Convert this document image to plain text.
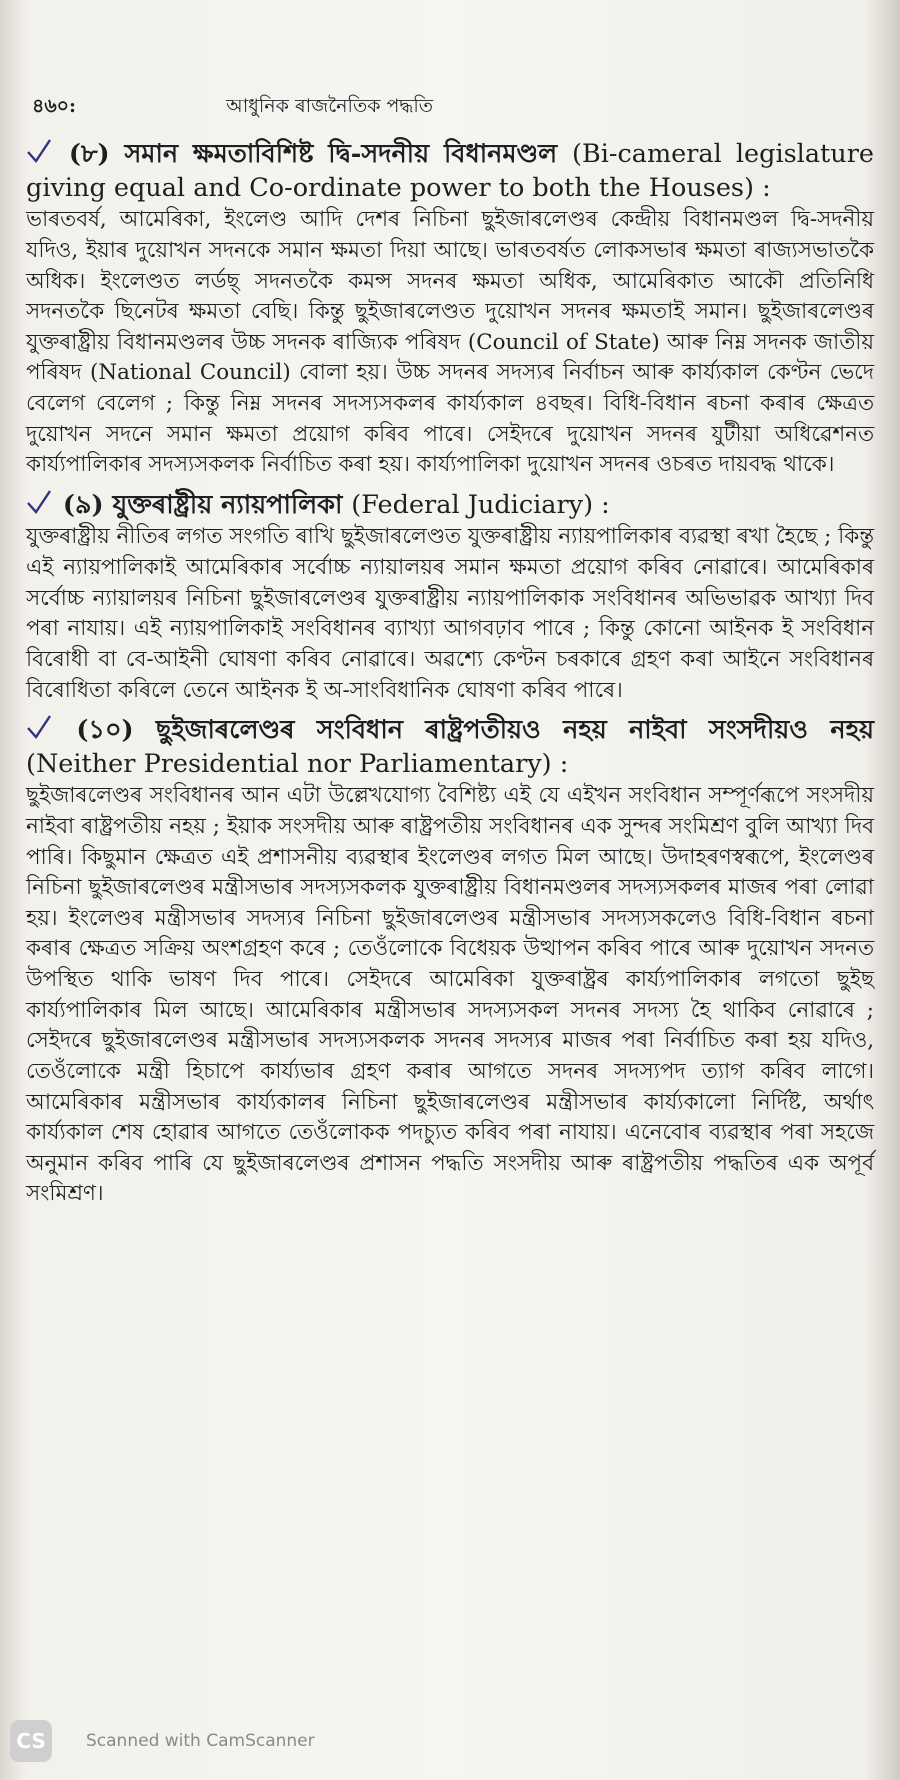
৪৬০:	আধুনিক ৰাজনৈতিক পদ্ধতি
(৮) সমান ক্ষমতাবিশিষ্ট দ্বি-সদনীয় বিধানমণ্ডল (Bi-cameral legislature giving equal and Co-ordinate power to both the Houses) :
ভাৰতবৰ্ষ, আমেৰিকা, ইংলেণ্ড আদি দেশৰ নিচিনা ছুইজাৰলেণ্ডৰ কেন্দ্ৰীয় বিধানমণ্ডল দ্বি-সদনীয় যদিও, ইয়াৰ দুয়োখন সদনকে সমান ক্ষমতা দিয়া আছে। ভাৰতবৰ্ষত লোকসভাৰ ক্ষমতা ৰাজ্যসভাতকৈ অধিক। ইংলেণ্ডত লৰ্ডছ্ সদনতকৈ কমন্স সদনৰ ক্ষমতা অধিক, আমেৰিকাত আকৌ প্ৰতিনিধি সদনতকৈ ছিনেটৰ ক্ষমতা বেছি। কিন্তু ছুইজাৰলেণ্ডত দুয়োখন সদনৰ ক্ষমতাই সমান। ছুইজাৰলেণ্ডৰ যুক্তৰাষ্ট্ৰীয় বিধানমণ্ডলৰ উচ্চ সদনক ৰাজ্যিক পৰিষদ (Council of State) আৰু নিম্ন সদনক জাতীয় পৰিষদ (National Council) বোলা হয়। উচ্চ সদনৰ সদস্যৰ নিৰ্বাচন আৰু কাৰ্য্যকাল কেণ্টন ভেদে বেলেগ বেলেগ ; কিন্তু নিম্ন সদনৰ সদস্যসকলৰ কাৰ্য্যকাল ৪বছৰ। বিধি-বিধান ৰচনা কৰাৰ ক্ষেত্ৰত দুয়োখন সদনে সমান ক্ষমতা প্ৰয়োগ কৰিব পাৰে। সেইদৰে দুয়োখন সদনৰ যুটীয়া অধিৱেশনত কাৰ্য্যপালিকাৰ সদস্যসকলক নিৰ্বাচিত কৰা হয়। কাৰ্য্যপালিকা দুয়োখন সদনৰ ওচৰত দায়বদ্ধ থাকে।
(৯) যুক্তৰাষ্ট্ৰীয় ন্যায়পালিকা (Federal Judiciary) :
যুক্তৰাষ্ট্ৰীয় নীতিৰ লগত সংগতি ৰাখি ছুইজাৰলেণ্ডত যুক্তৰাষ্ট্ৰীয় ন্যায়পালিকাৰ ব্যৱস্থা ৰখা হৈছে ; কিন্তু এই ন্যায়পালিকাই আমেৰিকাৰ সৰ্বোচ্চ ন্যায়ালয়ৰ সমান ক্ষমতা প্ৰয়োগ কৰিব নোৱাৰে। আমেৰিকাৰ সৰ্বোচ্চ ন্যায়ালয়ৰ নিচিনা ছুইজাৰলেণ্ডৰ যুক্তৰাষ্ট্ৰীয় ন্যায়পালিকাক সংবিধানৰ অভিভাৱক আখ্যা দিব পৰা নাযায়। এই ন্যায়পালিকাই সংবিধানৰ ব্যাখ্যা আগবঢ়াব পাৰে ; কিন্তু কোনো আইনক ই সংবিধান বিৰোধী বা বে-আইনী ঘোষণা কৰিব নোৱাৰে। অৱশ্যে কেণ্টন চৰকাৰে গ্ৰহণ কৰা আইনে সংবিধানৰ বিৰোধিতা কৰিলে তেনে আইনক ই অ-সাংবিধানিক ঘোষণা কৰিব পাৰে।
(১০) ছুইজাৰলেণ্ডৰ সংবিধান ৰাষ্ট্ৰপতীয়ও নহয় নাইবা সংসদীয়ও নহয় (Neither Presidential nor Parliamentary) :
ছুইজাৰলেণ্ডৰ সংবিধানৰ আন এটা উল্লেখযোগ্য বৈশিষ্ট্য এই যে এইখন সংবিধান সম্পূৰ্ণৰূপে সংসদীয় নাইবা ৰাষ্ট্ৰপতীয় নহয় ; ইয়াক সংসদীয় আৰু ৰাষ্ট্ৰপতীয় সংবিধানৰ এক সুন্দৰ সংমিশ্ৰণ বুলি আখ্যা দিব পাৰি। কিছুমান ক্ষেত্ৰত এই প্ৰশাসনীয় ব্যৱস্থাৰ ইংলেণ্ডৰ লগত মিল আছে। উদাহৰণস্বৰূপে, ইংলেণ্ডৰ নিচিনা ছুইজাৰলেণ্ডৰ মন্ত্ৰীসভাৰ সদস্যসকলক যুক্তৰাষ্ট্ৰীয় বিধানমণ্ডলৰ সদস্যসকলৰ মাজৰ পৰা লোৱা হয়। ইংলেণ্ডৰ মন্ত্ৰীসভাৰ সদস্যৰ নিচিনা ছুইজাৰলেণ্ডৰ মন্ত্ৰীসভাৰ সদস্যসকলেও বিধি-বিধান ৰচনা কৰাৰ ক্ষেত্ৰত সক্ৰিয় অংশগ্ৰহণ কৰে ; তেওঁলোকে বিধেয়ক উত্থাপন কৰিব পাৰে আৰু দুয়োখন সদনত উপস্থিত থাকি ভাষণ দিব পাৰে। সেইদৰে আমেৰিকা যুক্তৰাষ্ট্ৰৰ কাৰ্য্যপালিকাৰ লগতো ছুইছ কাৰ্য্যপালিকাৰ মিল আছে। আমেৰিকাৰ মন্ত্ৰীসভাৰ সদস্যসকল সদনৰ সদস্য হৈ থাকিব নোৱাৰে ; সেইদৰে ছুইজাৰলেণ্ডৰ মন্ত্ৰীসভাৰ সদস্যসকলক সদনৰ সদস্যৰ মাজৰ পৰা নিৰ্বাচিত কৰা হয় যদিও, তেওঁলোকে মন্ত্ৰী হিচাপে কাৰ্য্যভাৰ গ্ৰহণ কৰাৰ আগতে সদনৰ সদস্যপদ ত্যাগ কৰিব লাগে। আমেৰিকাৰ মন্ত্ৰীসভাৰ কাৰ্য্যকালৰ নিচিনা ছুইজাৰলেণ্ডৰ মন্ত্ৰীসভাৰ কাৰ্য্যকালো নিৰ্দিষ্ট, অৰ্থাৎ কাৰ্য্যকাল শেষ হোৱাৰ আগতে তেওঁলোকক পদচ্যুত কৰিব পৰা নাযায়। এনেবোৰ ব্যৱস্থাৰ পৰা সহজে অনুমান কৰিব পাৰি যে ছুইজাৰলেণ্ডৰ প্ৰশাসন পদ্ধতি সংসদীয় আৰু ৰাষ্ট্ৰপতীয় পদ্ধতিৰ এক অপূৰ্ব সংমিশ্ৰণ।
CS	Scanned with CamScanner
